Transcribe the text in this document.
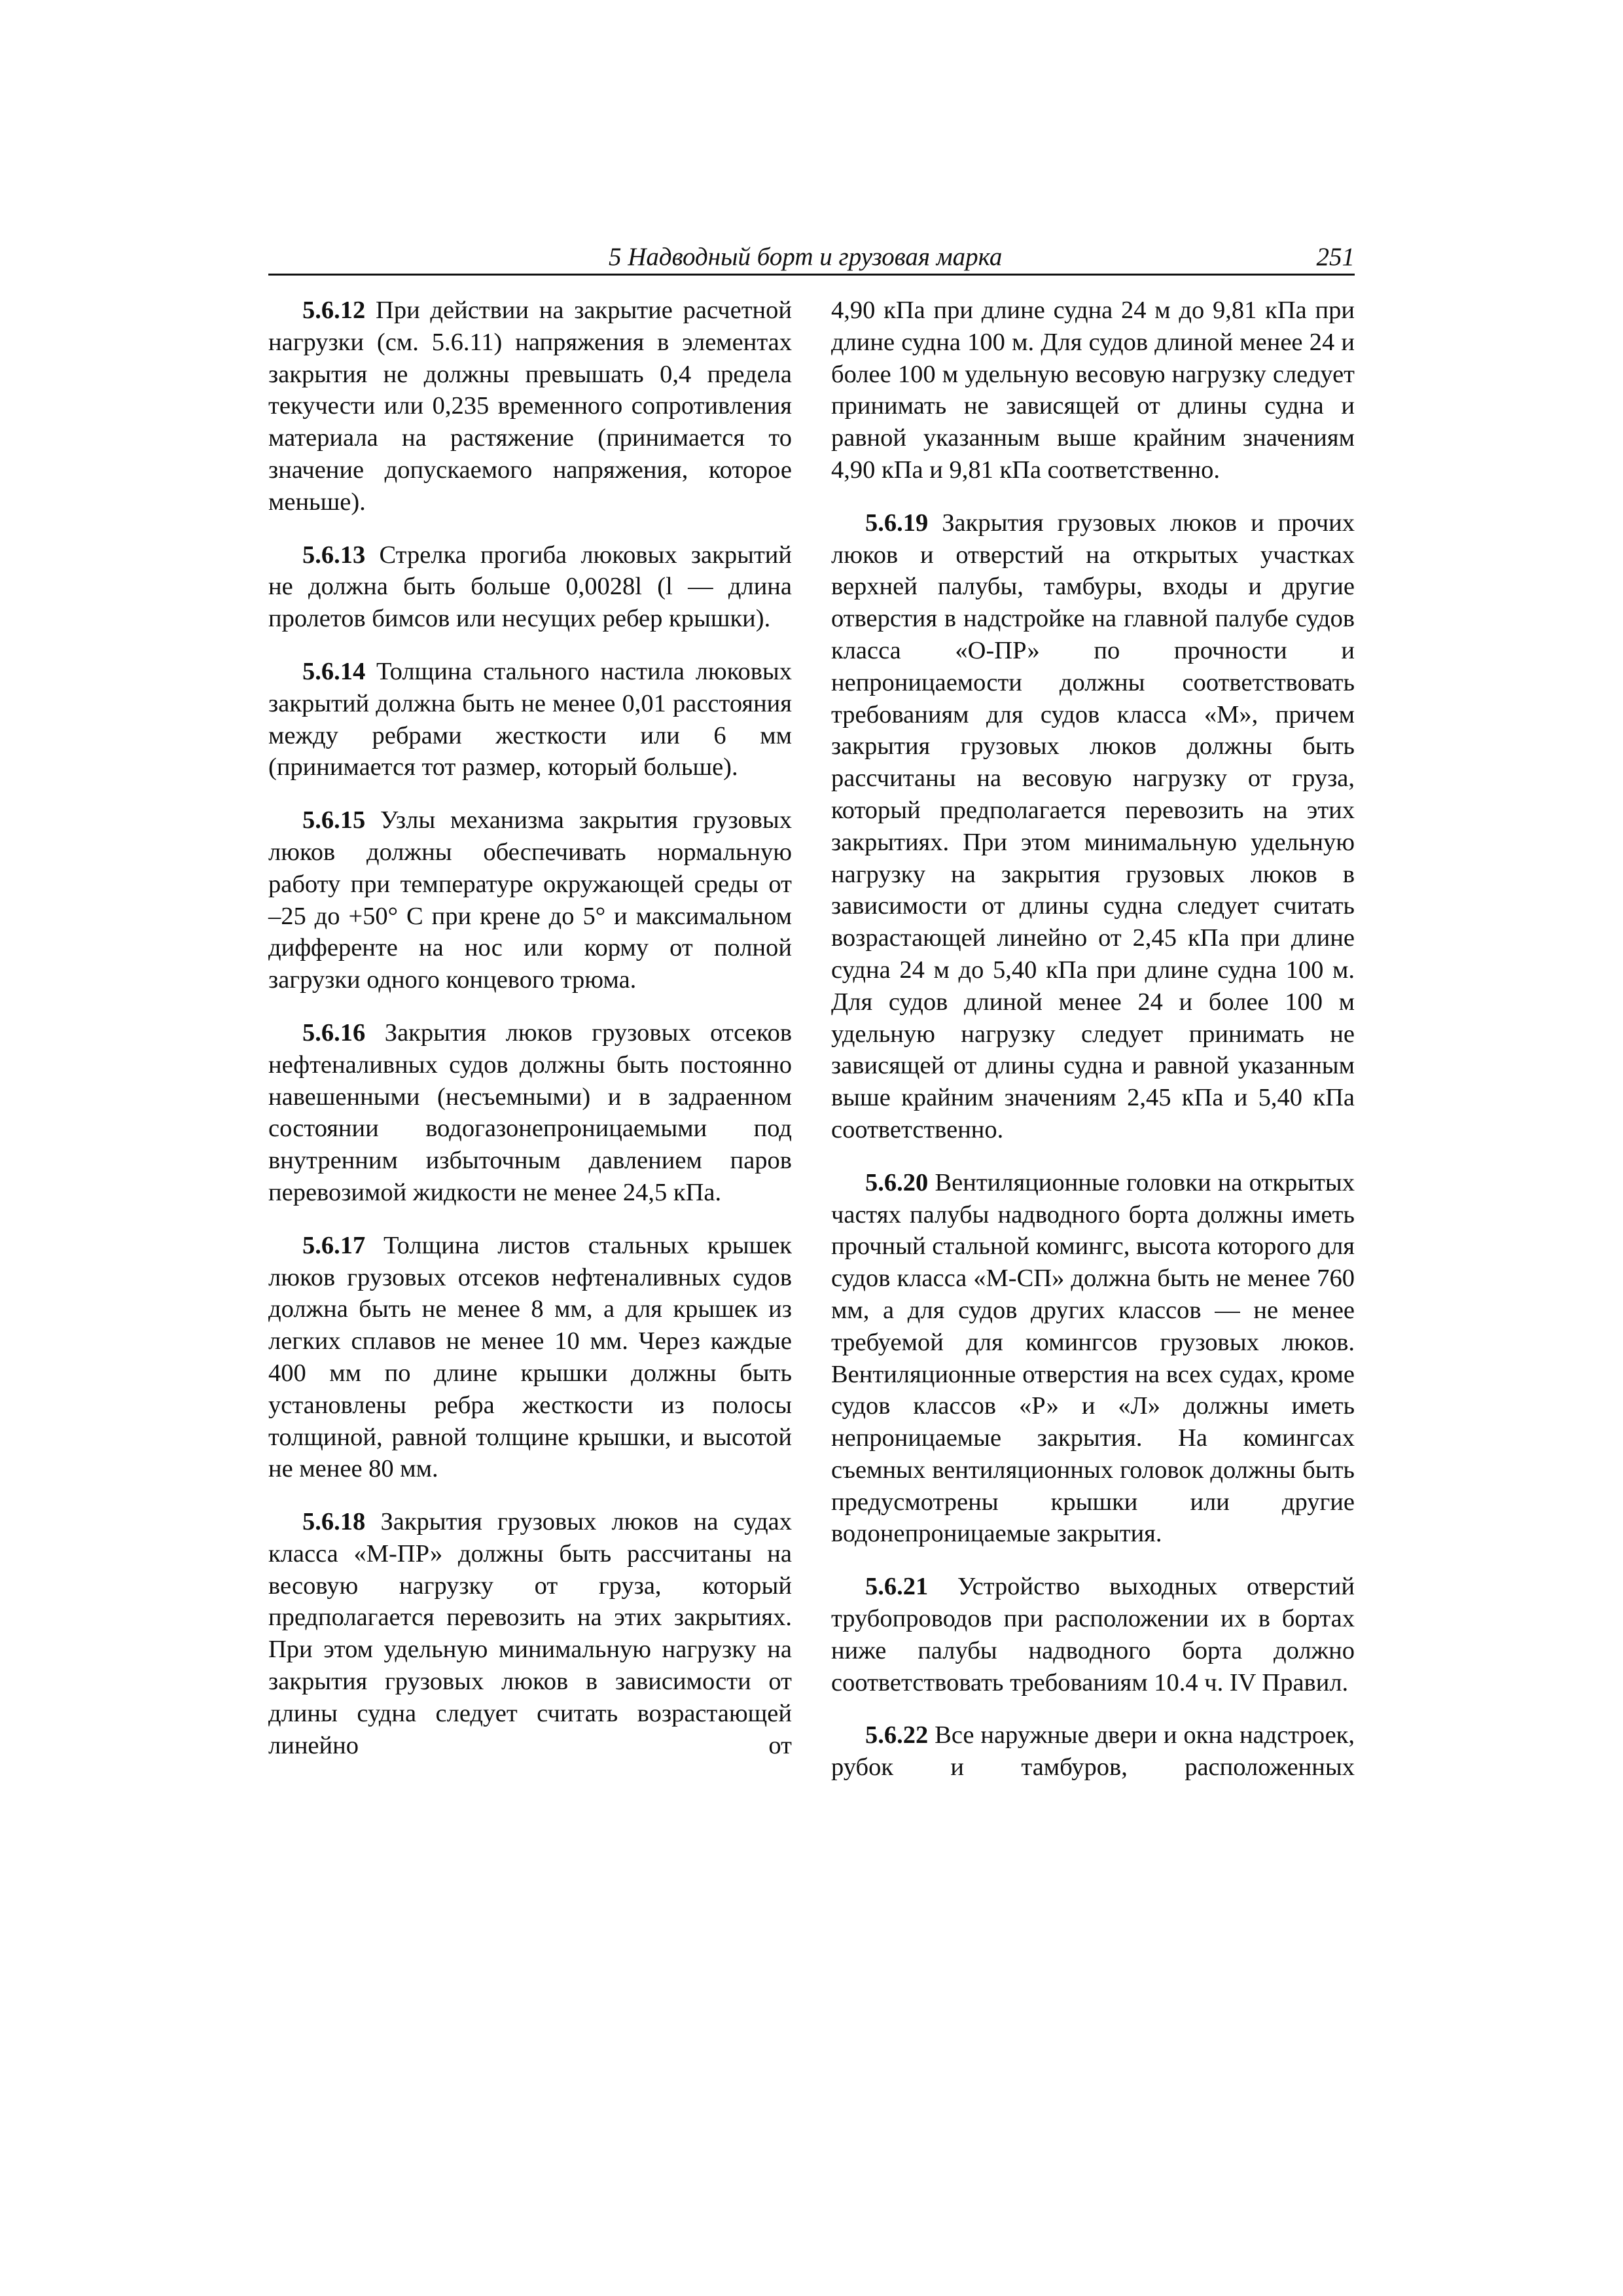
5 Надводный борт и грузовая марка	251

5.6.12 При действии на закрытие расчетной нагрузки (см. 5.6.11) напряжения в элементах закрытия не должны превышать 0,4 предела текучести или 0,235 временного сопротивления материала на растяжение (принимается то значение допускаемого напряжения, которое меньше).

5.6.13 Стрелка прогиба люковых закрытий не должна быть больше 0,0028l (l — длина пролетов бимсов или несущих ребер крышки).

5.6.14 Толщина стального настила люковых закрытий должна быть не менее 0,01 расстояния между ребрами жесткости или 6 мм (принимается тот размер, который больше).

5.6.15 Узлы механизма закрытия грузовых люков должны обеспечивать нормальную работу при температуре окружающей среды от –25 до +50° С при крене до 5° и максимальном дифференте на нос или корму от полной загрузки одного концевого трюма.

5.6.16 Закрытия люков грузовых отсеков нефтеналивных судов должны быть постоянно навешенными (несъемными) и в задраенном состоянии водогазонепроницаемыми под внутренним избыточным давлением паров перевозимой жидкости не менее 24,5 кПа.

5.6.17 Толщина листов стальных крышек люков грузовых отсеков нефтеналивных судов должна быть не менее 8 мм, а для крышек из легких сплавов не менее 10 мм. Через каждые 400 мм по длине крышки должны быть установлены ребра жесткости из полосы толщиной, равной толщине крышки, и высотой не менее 80 мм.

5.6.18 Закрытия грузовых люков на судах класса «М-ПР» должны быть рассчитаны на весовую нагрузку от груза, который предполагается перевозить на этих закрытиях. При этом удельную минимальную нагрузку на закрытия грузовых люков в зависимости от длины судна следует считать возрастающей линейно от

4,90 кПа при длине судна 24 м до 9,81 кПа при длине судна 100 м. Для судов длиной менее 24 и более 100 м удельную весовую нагрузку следует принимать не зависящей от длины судна и равной указанным выше крайним значениям 4,90 кПа и 9,81 кПа соответственно.

5.6.19 Закрытия грузовых люков и прочих люков и отверстий на открытых участках верхней палубы, тамбуры, входы и другие отверстия в надстройке на главной палубе судов класса «О-ПР» по прочности и непроницаемости должны соответствовать требованиям для судов класса «М», причем закрытия грузовых люков должны быть рассчитаны на весовую нагрузку от груза, который предполагается перевозить на этих закрытиях. При этом минимальную удельную нагрузку на закрытия грузовых люков в зависимости от длины судна следует считать возрастающей линейно от 2,45 кПа при длине судна 24 м до 5,40 кПа при длине судна 100 м. Для судов длиной менее 24 и более 100 м удельную нагрузку следует принимать не зависящей от длины судна и равной указанным выше крайним значениям 2,45 кПа и 5,40 кПа соответственно.

5.6.20 Вентиляционные головки на открытых частях палубы надводного борта должны иметь прочный стальной комингс, высота которого для судов класса «М-СП» должна быть не менее 760 мм, а для судов других классов — не менее требуемой для комингсов грузовых люков. Вентиляционные отверстия на всех судах, кроме судов классов «Р» и «Л» должны иметь непроницаемые закрытия. На комингсах съемных вентиляционных головок должны быть предусмотрены крышки или другие водонепроницаемые закрытия.

5.6.21 Устройство выходных отверстий трубопроводов при расположении их в бортах ниже палубы надводного борта должно соответствовать требованиям 10.4 ч. IV Правил.

5.6.22 Все наружные двери и окна надстроек, рубок и тамбуров, расположенных
